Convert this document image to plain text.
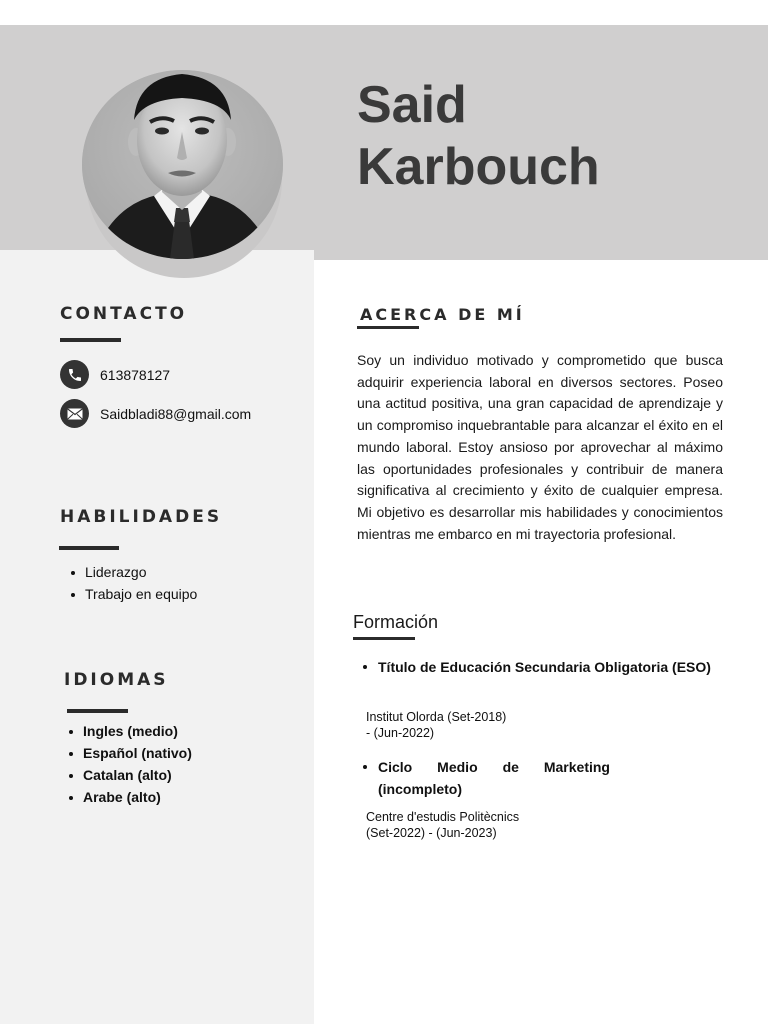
Said
Karbouch
CONTACTO
613878127
Saidbladi88@gmail.com
HABILIDADES
Liderazgo
Trabajo en equipo
IDIOMAS
Ingles (medio)
Español (nativo)
Catalan (alto)
Arabe (alto)
ACERCA DE MÍ

Soy un individuo motivado y comprometido que busca adquirir experiencia laboral en diversos sectores. Poseo una actitud positiva, una gran capacidad de aprendizaje y un compromiso inquebrantable para alcanzar el éxito en el mundo laboral. Estoy ansioso por aprovechar al máximo las oportunidades profesionales y contribuir de manera significativa al crecimiento y éxito de cualquier empresa. Mi objetivo es desarrollar mis habilidades y conocimientos mientras me embarco en mi trayectoria profesional.

Formación

Título de Educación Secundaria Obligatoria (ESO)

Institut Olorda (Set-2018)

- (Jun-2022)

Ciclo Medio de Marketing (incompleto)

Centre d'estudis Politècnics

(Set-2022) - (Jun-2023)
